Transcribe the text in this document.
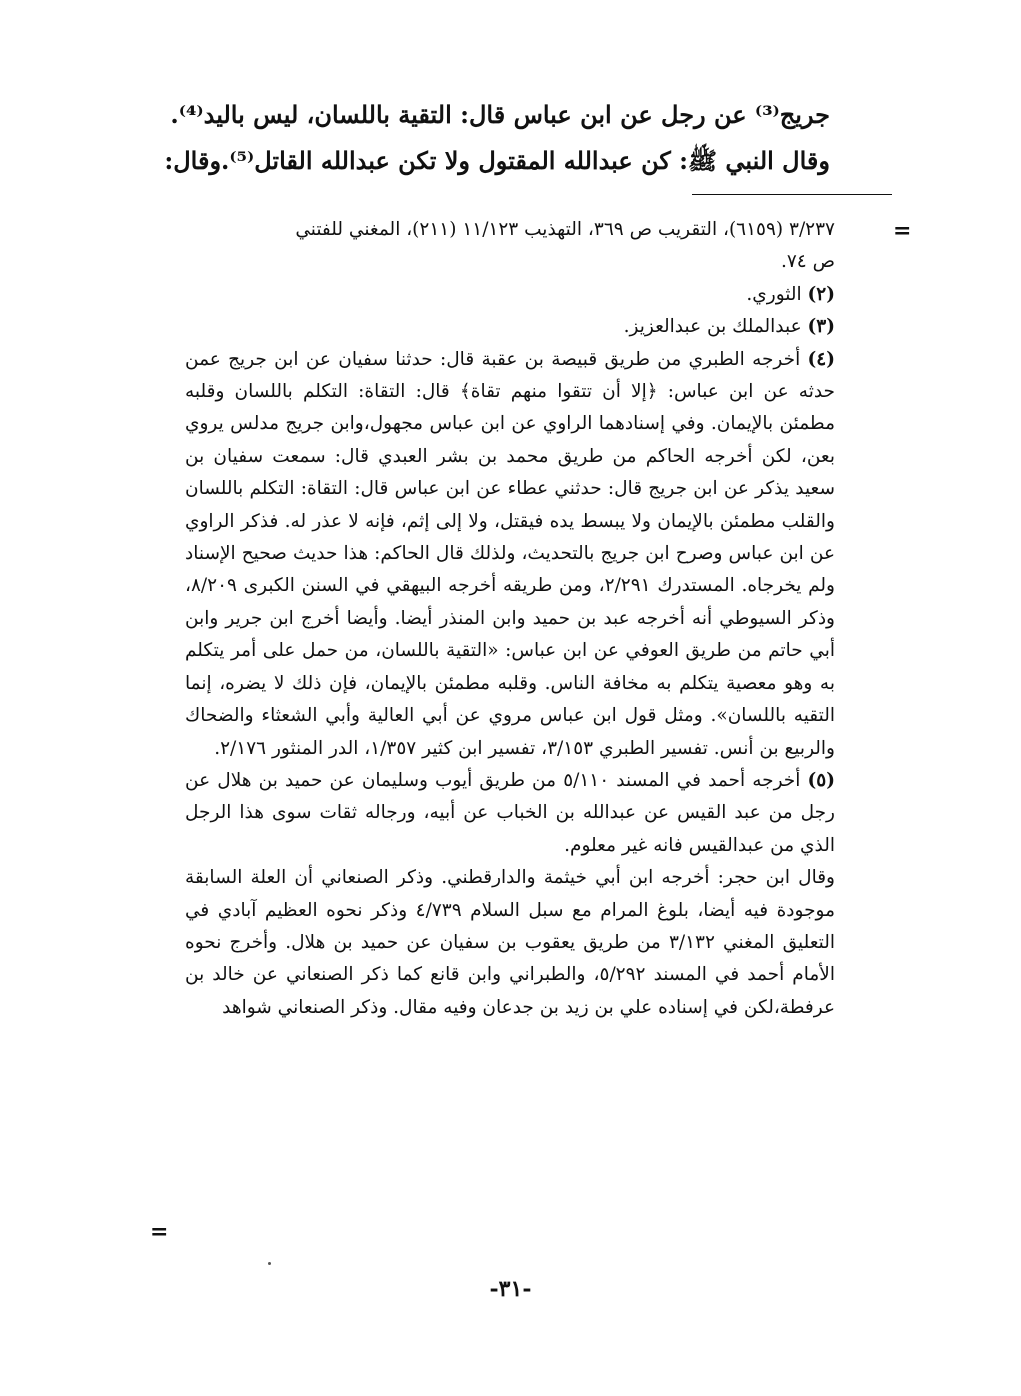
جريج⁽³⁾ عن رجل عن ابن عباس قال: التقية باللسان، ليس باليد⁽⁴⁾.

وقال النبي ﷺ: كن عبدالله المقتول ولا تكن عبدالله القاتل⁽⁵⁾.وقال:

=

٣/٢٣٧ (٦١٥٩)، التقريب ص ٣٦٩، التهذيب ١١/١٢٣ (٢١١)، المغني للفتني

ص ٧٤.

(٢) الثوري.

(٣) عبدالملك بن عبدالعزيز.

(٤) أخرجه الطبري من طريق قبيصة بن عقبة قال: حدثنا سفيان عن ابن جريج عمن حدثه عن ابن عباس: ﴿إلا أن تتقوا منهم تقاة﴾ قال: التقاة: التكلم باللسان وقلبه مطمئن بالإيمان. وفي إسنادهما الراوي عن ابن عباس مجهول،وابن جريج مدلس يروي بعن، لكن أخرجه الحاكم من طريق محمد بن بشر العبدي قال: سمعت سفيان بن سعيد يذكر عن ابن جريج قال: حدثني عطاء عن ابن عباس قال: التقاة: التكلم باللسان والقلب مطمئن بالإيمان ولا يبسط يده فيقتل، ولا إلى إثم، فإنه لا عذر له. فذكر الراوي عن ابن عباس وصرح ابن جريج بالتحديث، ولذلك قال الحاكم: هذا حديث صحيح الإسناد ولم يخرجاه. المستدرك ٢/٢٩١، ومن طريقه أخرجه البيهقي في السنن الكبرى ٨/٢٠٩، وذكر السيوطي أنه أخرجه عبد بن حميد وابن المنذر أيضا. وأيضا أخرج ابن جرير وابن أبي حاتم من طريق العوفي عن ابن عباس: «التقية باللسان، من حمل على أمر يتكلم به وهو معصية يتكلم به مخافة الناس. وقلبه مطمئن بالإيمان، فإن ذلك لا يضره، إنما التقيه باللسان». ومثل قول ابن عباس مروي عن أبي العالية وأبي الشعثاء والضحاك والربيع بن أنس. تفسير الطبري ٣/١٥٣، تفسير ابن كثير ١/٣٥٧، الدر المنثور ٢/١٧٦.

(٥) أخرجه أحمد في المسند ٥/١١٠ من طريق أيوب وسليمان عن حميد بن هلال عن رجل من عبد القيس عن عبدالله بن الخباب عن أبيه، ورجاله ثقات سوى هذا الرجل الذي من عبدالقيس فانه غير معلوم.

وقال ابن حجر: أخرجه ابن أبي خيثمة والدارقطني. وذكر الصنعاني أن العلة السابقة موجودة فيه أيضا، بلوغ المرام مع سبل السلام ٤/٧٣٩ وذكر نحوه العظيم آبادي في التعليق المغني ٣/١٣٢ من طريق يعقوب بن سفيان عن حميد بن هلال. وأخرج نحوه الأمام أحمد في المسند ٥/٢٩٢، والطبراني وابن قانع كما ذكر الصنعاني عن خالد بن عرفطة،لكن في إسناده علي بن زيد بن جدعان وفيه مقال. وذكر الصنعاني شواهد

=
-٣١-
